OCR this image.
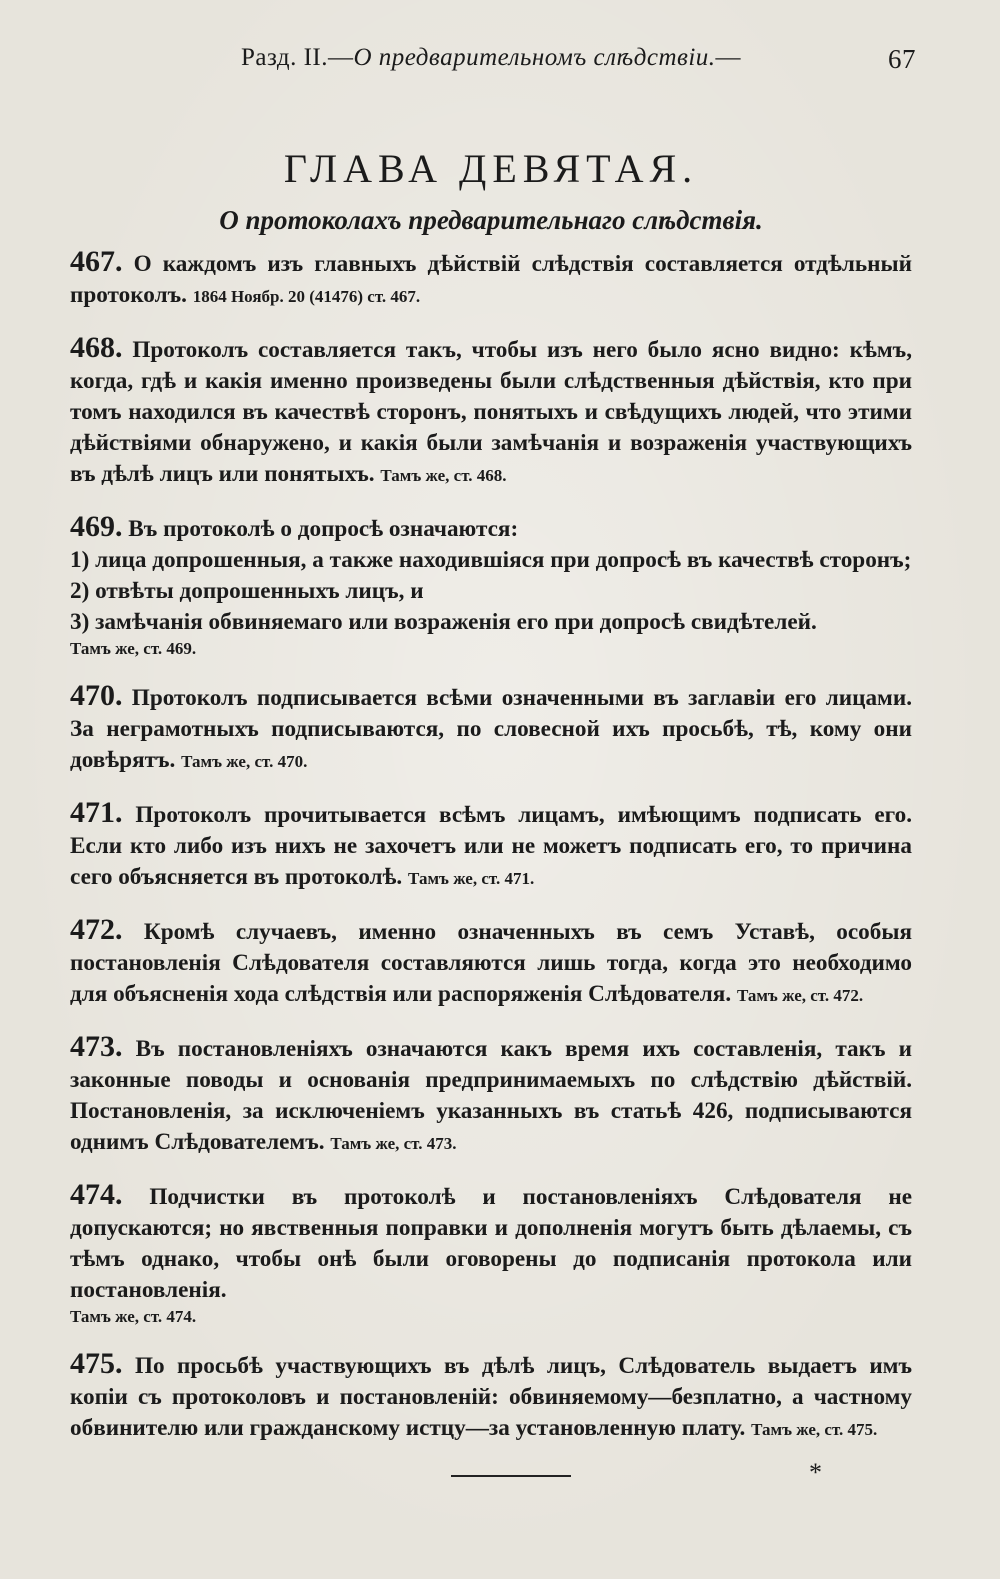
Разд. II.—О предварительномъ слѣдствіи.—	67
ГЛАВА ДЕВЯТАЯ.
О протоколахъ предварительнаго слѣдствія.

467. О каждомъ изъ главныхъ дѣйствій слѣдствія составляется отдѣльный протоколъ. 1864 Ноябр. 20 (41476) ст. 467.

468. Протоколъ составляется такъ, чтобы изъ него было ясно видно: кѣмъ, когда, гдѣ и какія именно произведены были слѣдственныя дѣйствія, кто при томъ находился въ качествѣ сторонъ, понятыхъ и свѣдущихъ людей, что этими дѣйствіями обнаружено, и какія были замѣчанія и возраженія участвующихъ въ дѣлѣ лицъ или понятыхъ. Тамъ же, ст. 468.

469. Въ протоколѣ о допросѣ означаются:

1) лица допрошенныя, а также находившіяся при допросѣ въ качествѣ сторонъ;

2) отвѣты допрошенныхъ лицъ, и

3) замѣчанія обвиняемаго или возраженія его при допросѣ свидѣтелей.

Тамъ же, ст. 469.

470. Протоколъ подписывается всѣми означенными въ заглавіи его лицами. За неграмотныхъ подписываются, по словесной ихъ просьбѣ, тѣ, кому они довѣрятъ. Тамъ же, ст. 470.

471. Протоколъ прочитывается всѣмъ лицамъ, имѣющимъ подписать его. Если кто либо изъ нихъ не захочетъ или не можетъ подписать его, то причина сего объясняется въ протоколѣ. Тамъ же, ст. 471.

472. Кромѣ случаевъ, именно означенныхъ въ семъ Уставѣ, особыя постановленія Слѣдователя составляются лишь тогда, когда это необходимо для объясненія хода слѣдствія или распоряженія Слѣдователя. Тамъ же, ст. 472.

473. Въ постановленіяхъ означаются какъ время ихъ составленія, такъ и законные поводы и основанія предпринимаемыхъ по слѣдствію дѣйствій. Постановленія, за исключеніемъ указанныхъ въ статьѣ 426, подписываются однимъ Слѣдователемъ. Тамъ же, ст. 473.

474. Подчистки въ протоколѣ и постановленіяхъ Слѣдователя не допускаются; но явственныя поправки и дополненія могутъ быть дѣлаемы, съ тѣмъ однако, чтобы онѣ были оговорены до подписанія протокола или постановленія.

Тамъ же, ст. 474.

475. По просьбѣ участвующихъ въ дѣлѣ лицъ, Слѣдователь выдаетъ имъ копіи съ протоколовъ и постановленій: обвиняемому—безплатно, а частному обвинителю или гражданскому истцу—за установленную плату. Тамъ же, ст. 475.

*
